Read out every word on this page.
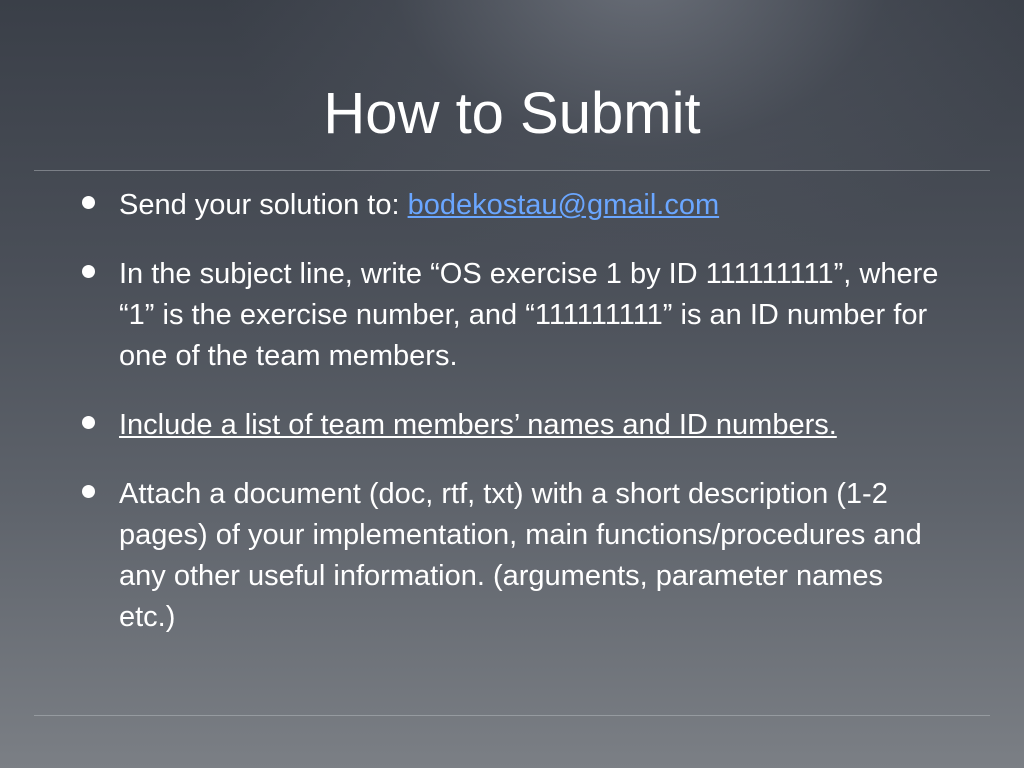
How to Submit
Send your solution to: bodekostau@gmail.com
In the subject line, write “OS exercise 1 by ID 111111111”, where “1” is the exercise number, and “111111111” is an ID number for one of the team members.
Include a list of team members’ names and ID numbers.
Attach a document (doc, rtf, txt) with a short description (1-2 pages) of your implementation, main functions/procedures and any other useful information. (arguments, parameter names etc.)
